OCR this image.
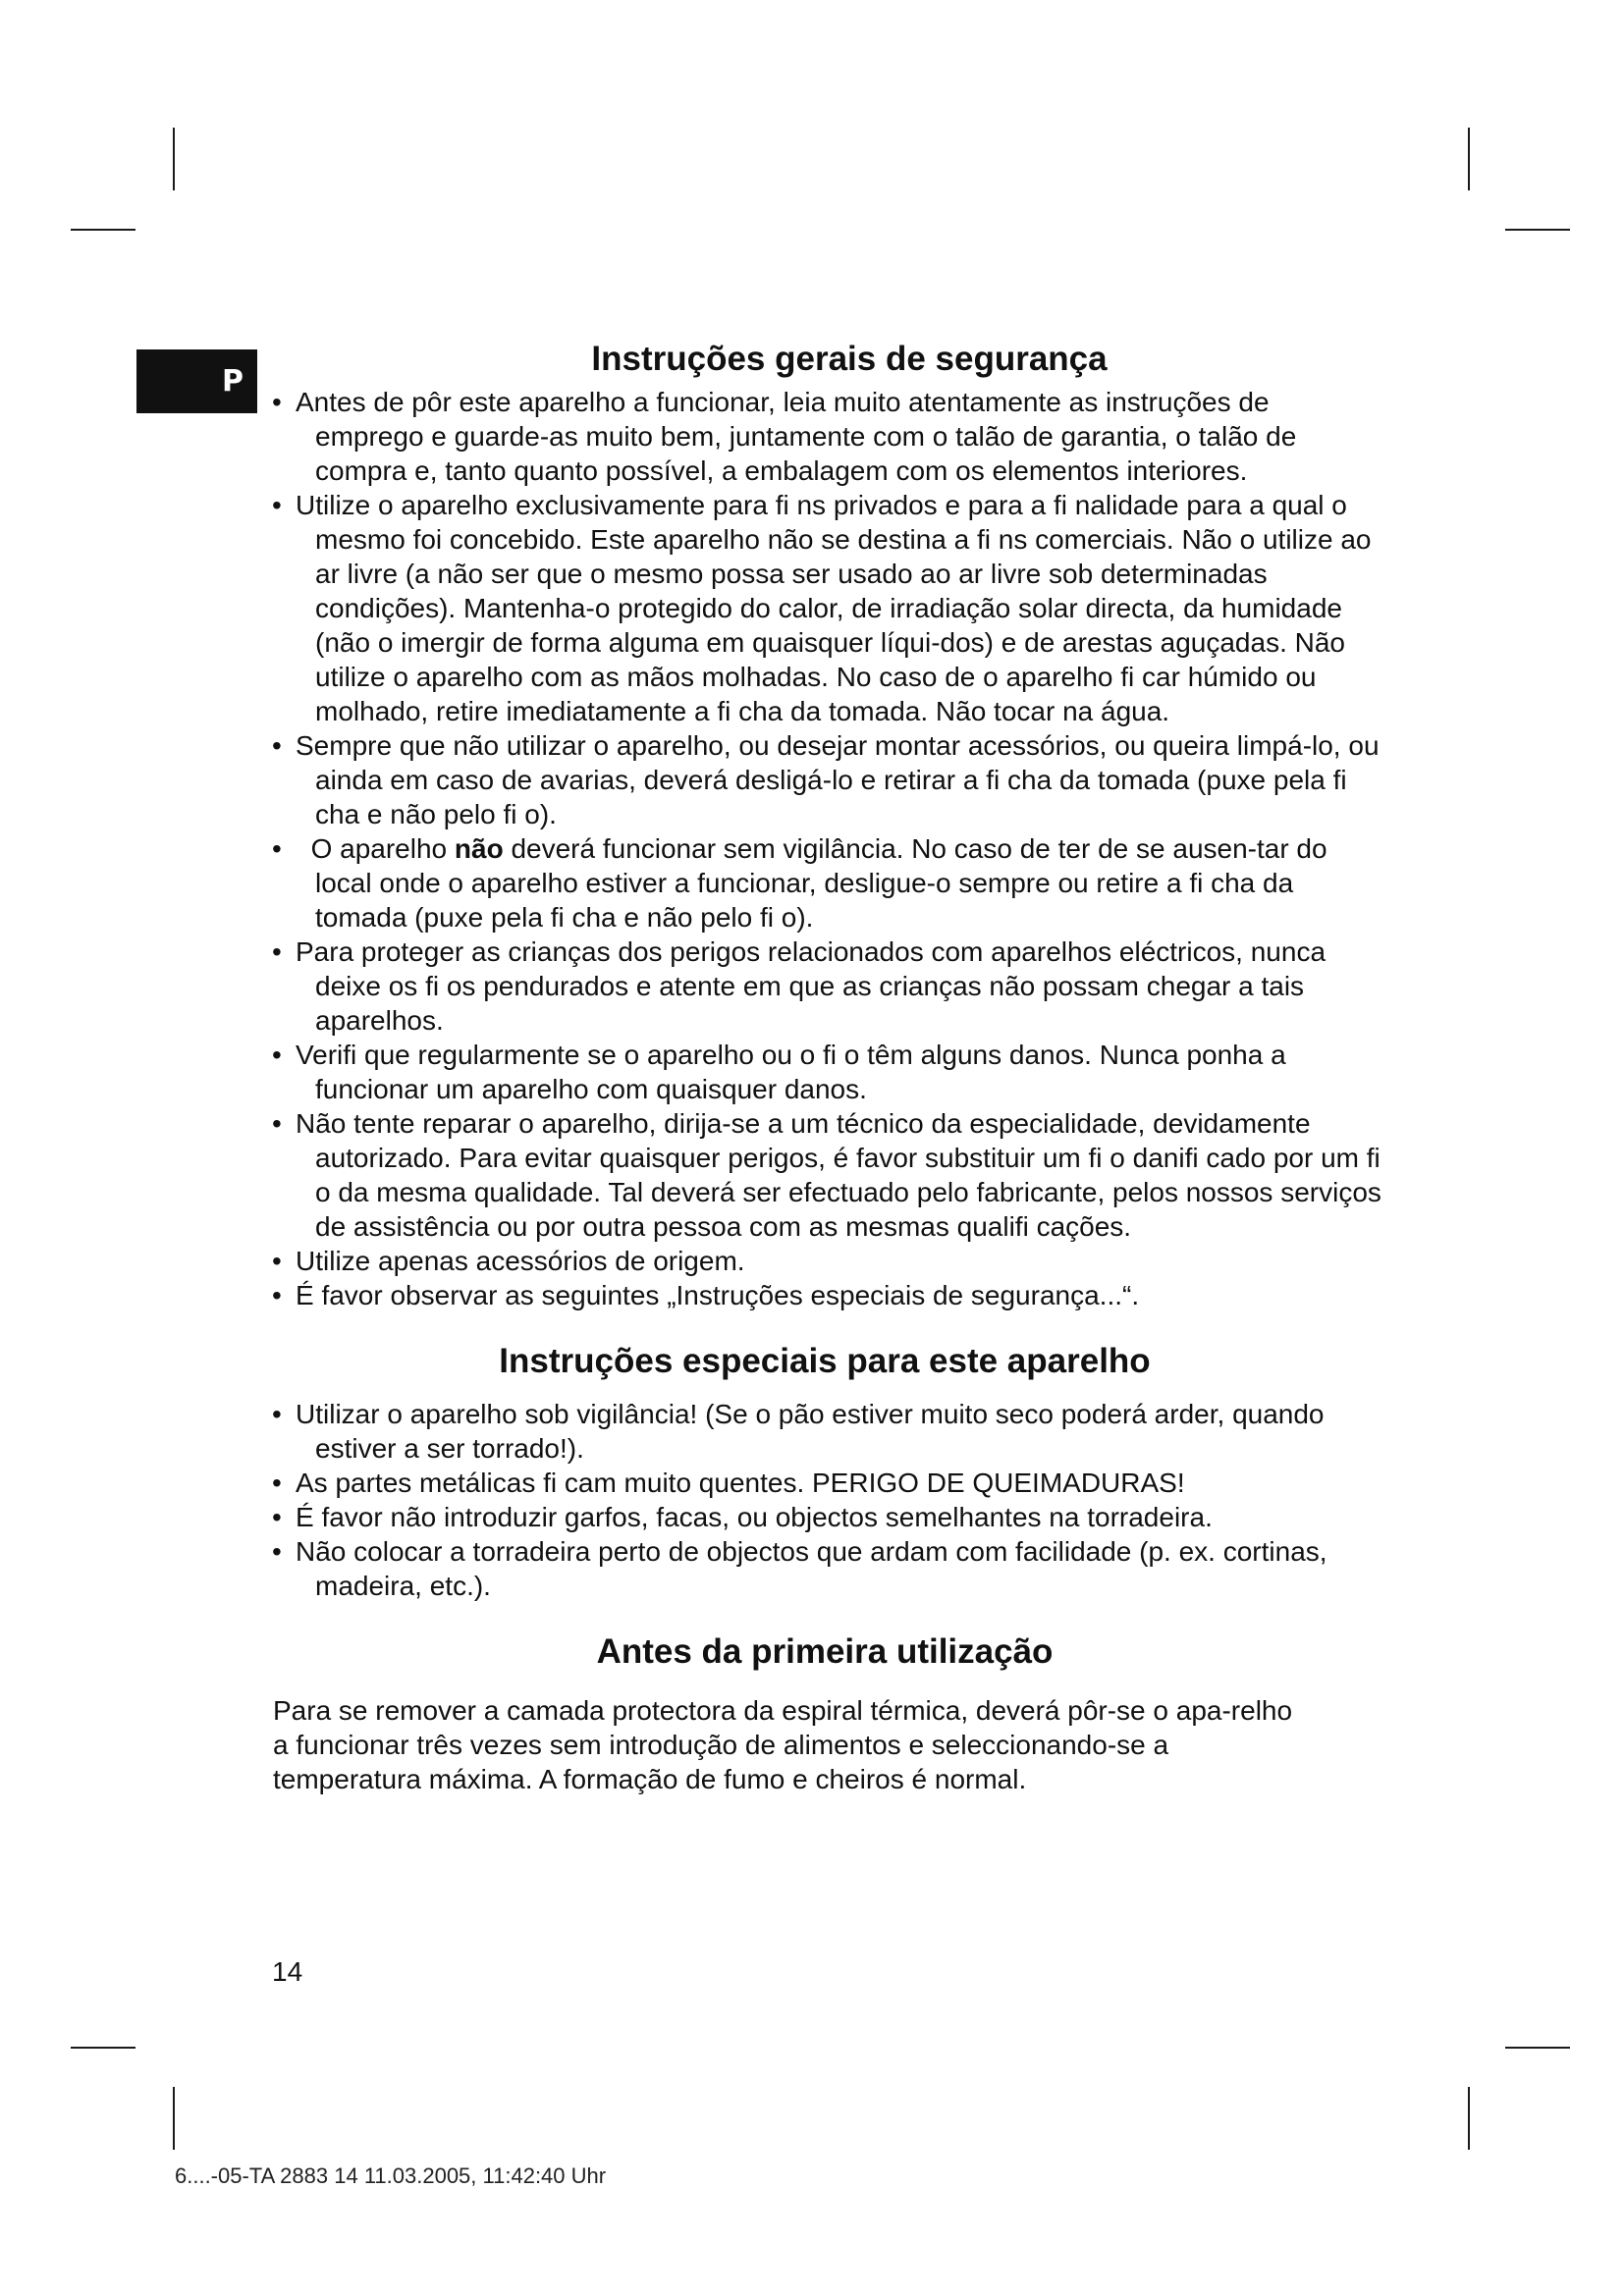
P
Instruções gerais de segurança
• Antes de pôr este aparelho a funcionar, leia muito atentamente as instruções de emprego e guarde-as muito bem, juntamente com o talão de garantia, o talão de compra e, tanto quanto possível, a embalagem com os elementos interiores.
• Utilize o aparelho exclusivamente para fi ns privados e para a fi nalidade para a qual o mesmo foi concebido. Este aparelho não se destina a fi ns comerciais. Não o utilize ao ar livre (a não ser que o mesmo possa ser usado ao ar livre sob determinadas condições). Mantenha-o protegido do calor, de irradiação solar directa, da humidade (não o imergir de forma alguma em quaisquer líqui-dos) e de arestas aguçadas. Não utilize o aparelho com as mãos molhadas. No caso de o aparelho fi car húmido ou molhado, retire imediatamente a fi cha da tomada. Não tocar na água.
• Sempre que não utilizar o aparelho, ou desejar montar acessórios, ou queira limpá-lo, ou ainda em caso de avarias, deverá desligá-lo e retirar a fi cha da tomada (puxe pela fi cha e não pelo fi o).
• O aparelho não deverá funcionar sem vigilância. No caso de ter de se ausen-tar do local onde o aparelho estiver a funcionar, desligue-o sempre ou retire a fi cha da tomada (puxe pela fi cha e não pelo fi o).
• Para proteger as crianças dos perigos relacionados com aparelhos eléctricos, nunca deixe os fi os pendurados e atente em que as crianças não possam chegar a tais aparelhos.
• Verifi que regularmente se o aparelho ou o fi o têm alguns danos. Nunca ponha a funcionar um aparelho com quaisquer danos.
• Não tente reparar o aparelho, dirija-se a um técnico da especialidade, devidamente autorizado. Para evitar quaisquer perigos, é favor substituir um fi o danifi cado por um fi o da mesma qualidade. Tal deverá ser efectuado pelo fabricante, pelos nossos serviços de assistência ou por outra pessoa com as mesmas qualifi cações.
• Utilize apenas acessórios de origem.
• É favor observar as seguintes „Instruções especiais de segurança...“.
Instruções especiais para este aparelho
• Utilizar o aparelho sob vigilância! (Se o pão estiver muito seco poderá arder, quando estiver a ser torrado!).
• As partes metálicas fi cam muito quentes. PERIGO DE QUEIMADURAS!
• É favor não introduzir garfos, facas, ou objectos semelhantes na torradeira.
• Não colocar a torradeira perto de objectos que ardam com facilidade (p. ex. cortinas, madeira, etc.).
Antes da primeira utilização

Para se remover a camada protectora da espiral térmica, deverá pôr-se o apa-relho a funcionar três vezes sem introdução de alimentos e seleccionando-se a temperatura máxima. A formação de fumo e cheiros é normal.

14
6....-05-TA 2883 14 11.03.2005, 11:42:40 Uhr
